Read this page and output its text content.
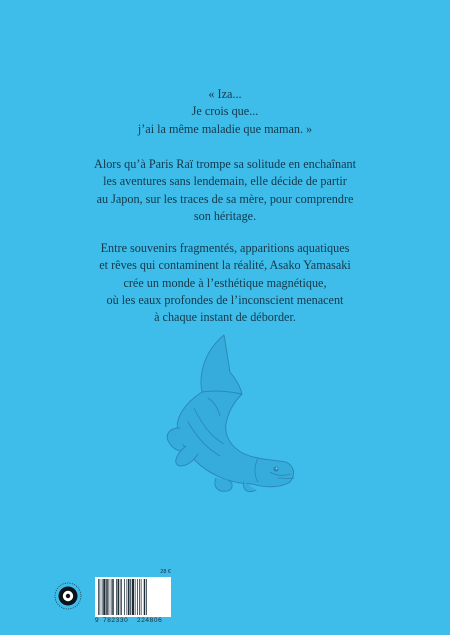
« Iza...

Je crois que...

j’ai la même maladie que maman. »

Alors qu’à Paris Raï trompe sa solitude en enchaînant

les aventures sans lendemain, elle décide de partir

au Japon, sur les traces de sa mère, pour comprendre

son héritage.

Entre souvenirs fragmentés, apparitions aquatiques

et rêves qui contaminent la réalité, Asako Yamasaki

crée un monde à l’esthétique magnétique,

où les eaux profondes de l’inconscient menacent

à chaque instant de déborder.

28 €
9 782330 224806
